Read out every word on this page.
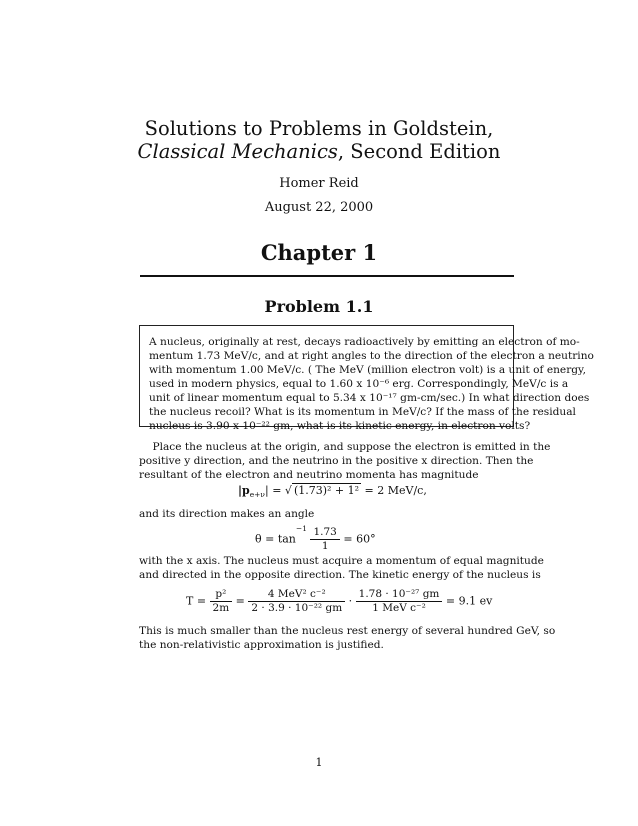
Solutions to Problems in Goldstein,
Classical Mechanics, Second Edition
Homer Reid
August 22, 2000
Chapter 1
Problem 1.1
A nucleus, originally at rest, decays radioactively by emitting an electron of mo-
mentum 1.73 MeV/c, and at right angles to the direction of the electron a neutrino
with momentum 1.00 MeV/c. ( The MeV (million electron volt) is a unit of energy,
used in modern physics, equal to 1.60 x 10⁻⁶ erg. Correspondingly, MeV/c is a
unit of linear momentum equal to 5.34 x 10⁻¹⁷ gm-cm/sec.) In what direction does
the nucleus recoil? What is its momentum in MeV/c? If the mass of the residual
nucleus is 3.90 x 10⁻²² gm, what is its kinetic energy, in electron volts?
Place the nucleus at the origin, and suppose the electron is emitted in the
positive y direction, and the neutrino in the positive x direction. Then the
resultant of the electron and neutrino momenta has magnitude
$|p_{e+\nu}|$ = √ (1.73)² + 1² = 2 MeV/c,
and its direction makes an angle
$\theta = \tan^{-1} \frac{1.73}{1} = 60^\circ$
with the x axis. The nucleus must acquire a momentum of equal magnitude
and directed in the opposite direction. The kinetic energy of the nucleus is
$T = \frac{\text{p²}}{2m} = \frac{\text{4 MeV² c⁻²}}{\text{2 · 3.9 · 10⁻²² gm}} \cdot \frac{\text{1.78 · 10⁻²⁷ gm}}{\text{1 MeV c⁻²}} = 9.1$ ev
This is much smaller than the nucleus rest energy of several hundred GeV, so
the non-relativistic approximation is justified.
1
